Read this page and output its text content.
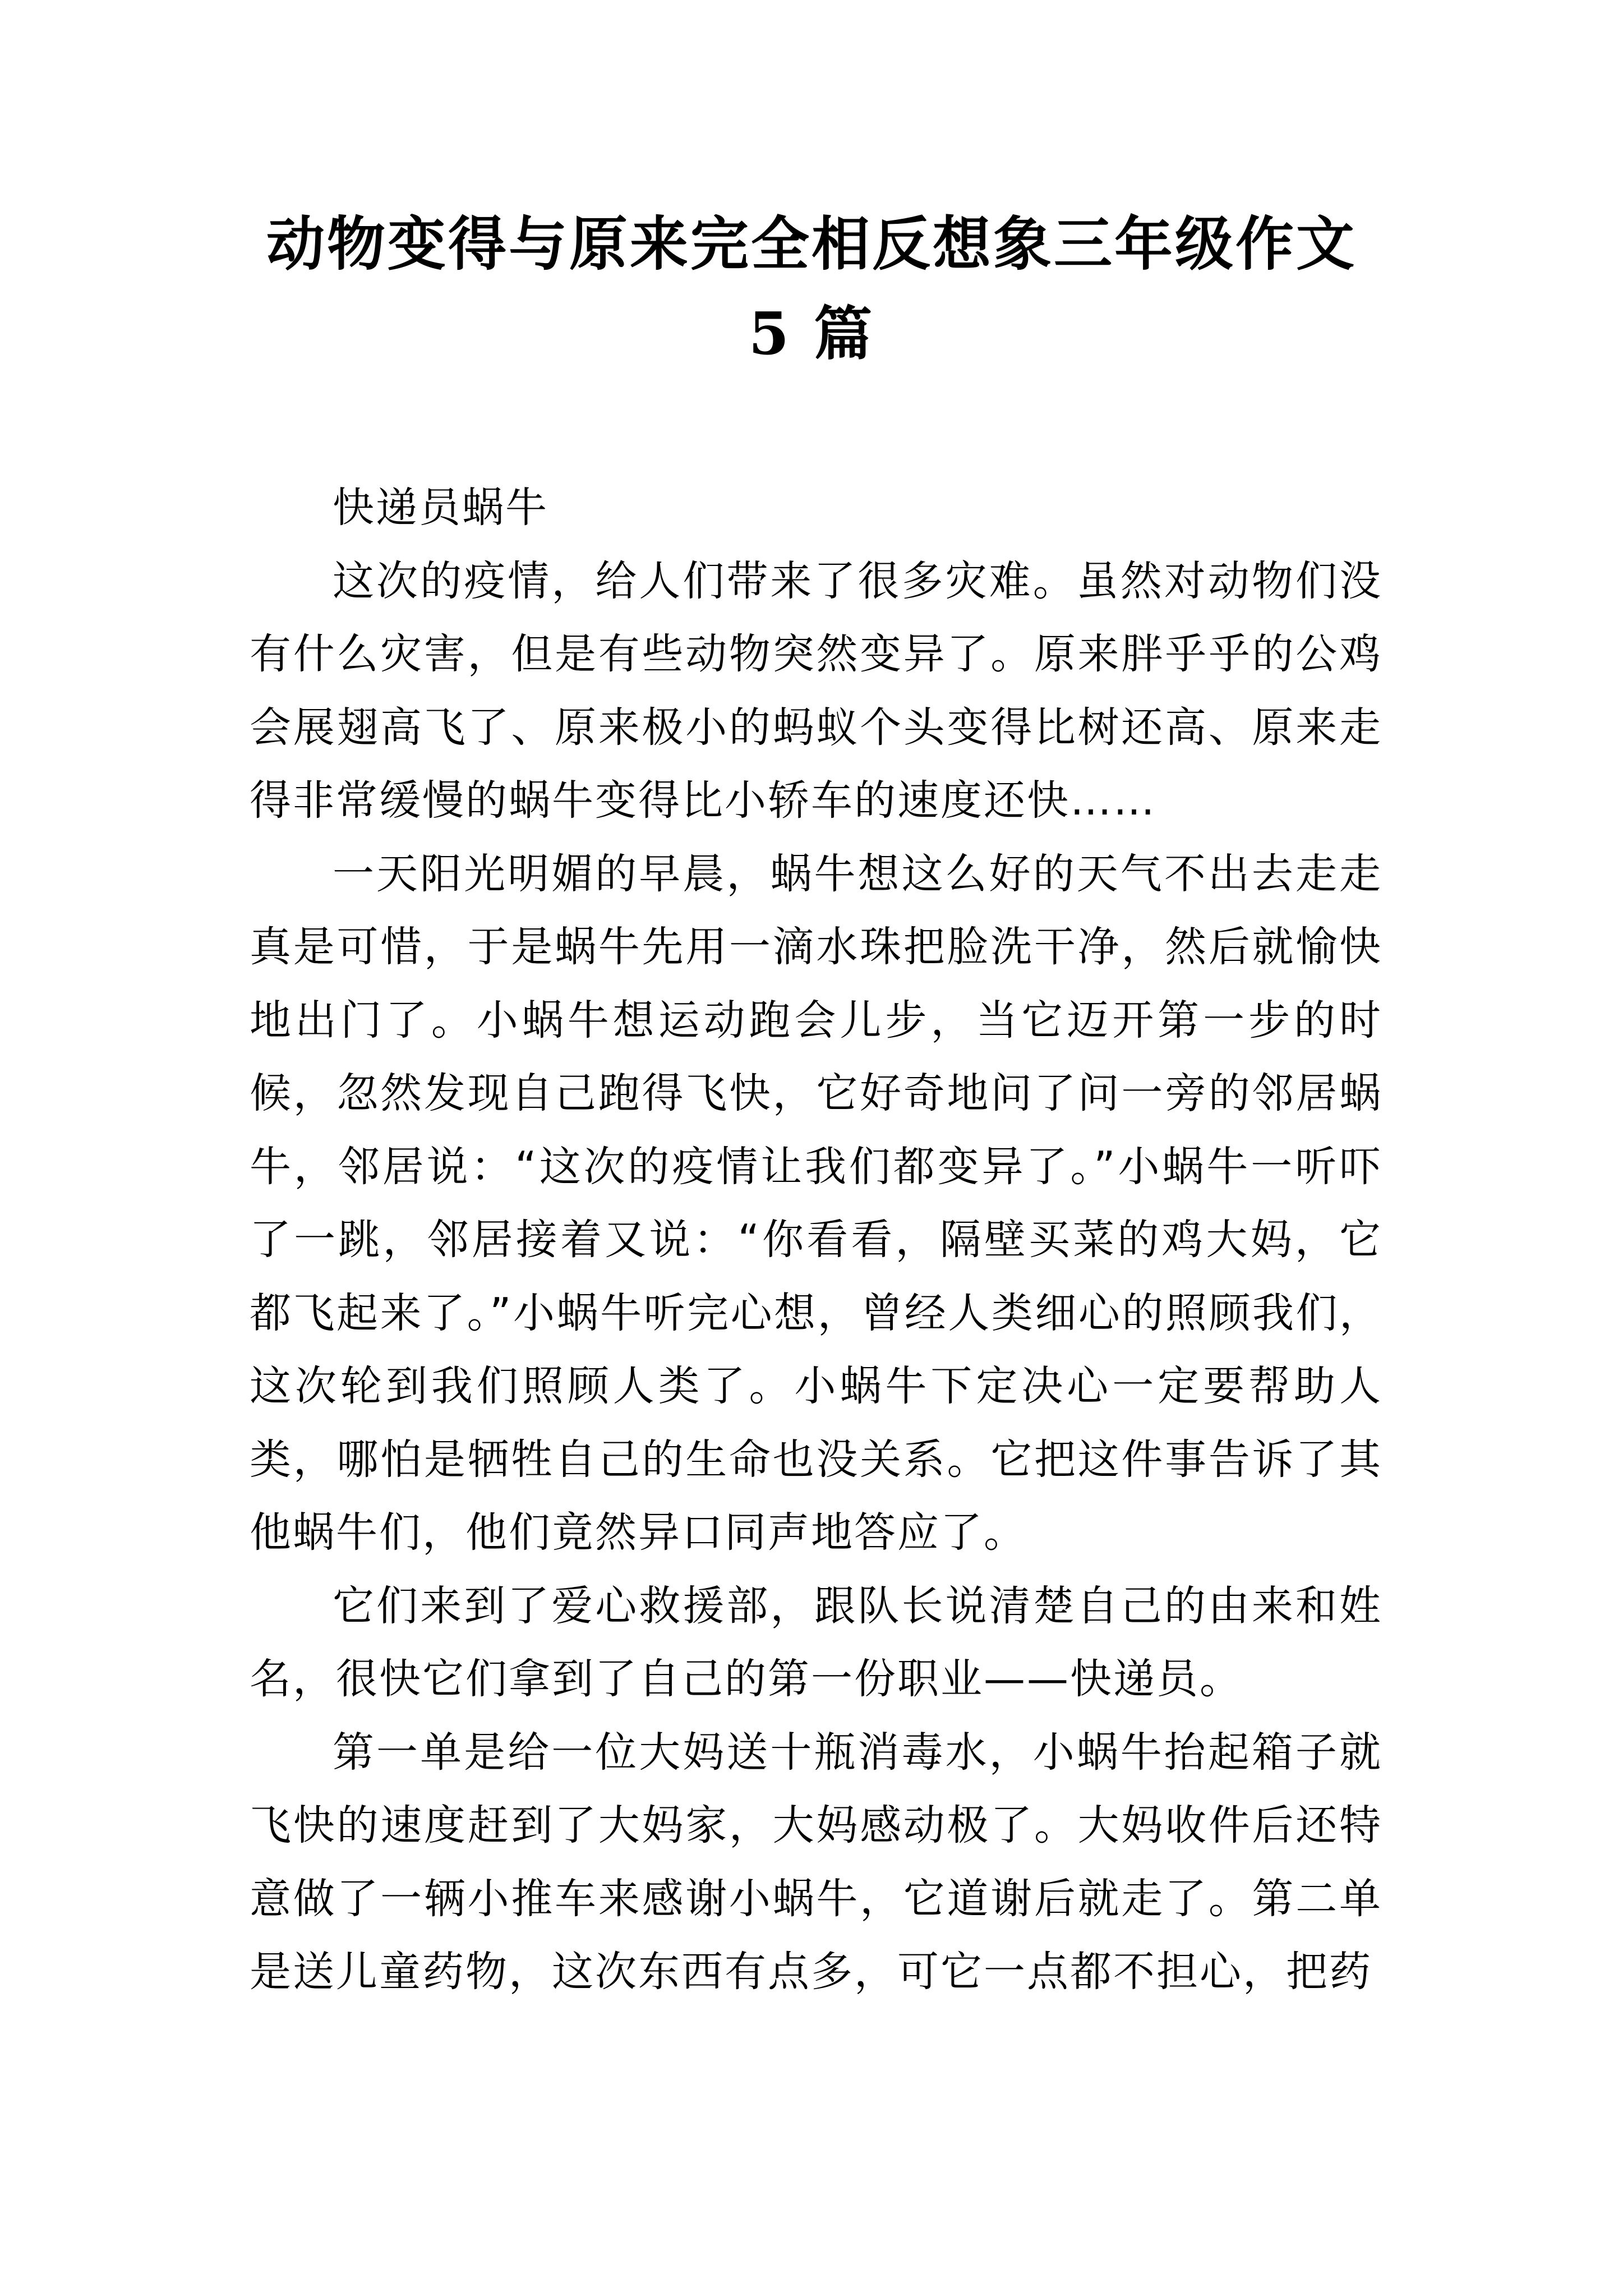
动物变得与原来完全相反想象三年级作文
5 篇

快递员蜗牛

这次的疫情，给人们带来了很多灾难。虽然对动物们没有什么灾害，但是有些动物突然变异了。原来胖乎乎的公鸡会展翅高飞了、原来极小的蚂蚁个头变得比树还高、原来走得非常缓慢的蜗牛变得比小轿车的速度还快……

一天阳光明媚的早晨，蜗牛想这么好的天气不出去走走真是可惜，于是蜗牛先用一滴水珠把脸洗干净，然后就愉快地出门了。小蜗牛想运动跑会儿步，当它迈开第一步的时候，忽然发现自己跑得飞快，它好奇地问了问一旁的邻居蜗牛，邻居说：“这次的疫情让我们都变异了。”小蜗牛一听吓了一跳，邻居接着又说：“你看看，隔壁买菜的鸡大妈，它都飞起来了。”小蜗牛听完心想，曾经人类细心的照顾我们，这次轮到我们照顾人类了。小蜗牛下定决心一定要帮助人类，哪怕是牺牲自己的生命也没关系。它把这件事告诉了其他蜗牛们，他们竟然异口同声地答应了。

它们来到了爱心救援部，跟队长说清楚自己的由来和姓名，很快它们拿到了自己的第一份职业——快递员。

第一单是给一位大妈送十瓶消毒水，小蜗牛抬起箱子就飞快的速度赶到了大妈家，大妈感动极了。大妈收件后还特意做了一辆小推车来感谢小蜗牛，它道谢后就走了。第二单是送儿童药物，这次东西有点多，可它一点都不担心，把药
